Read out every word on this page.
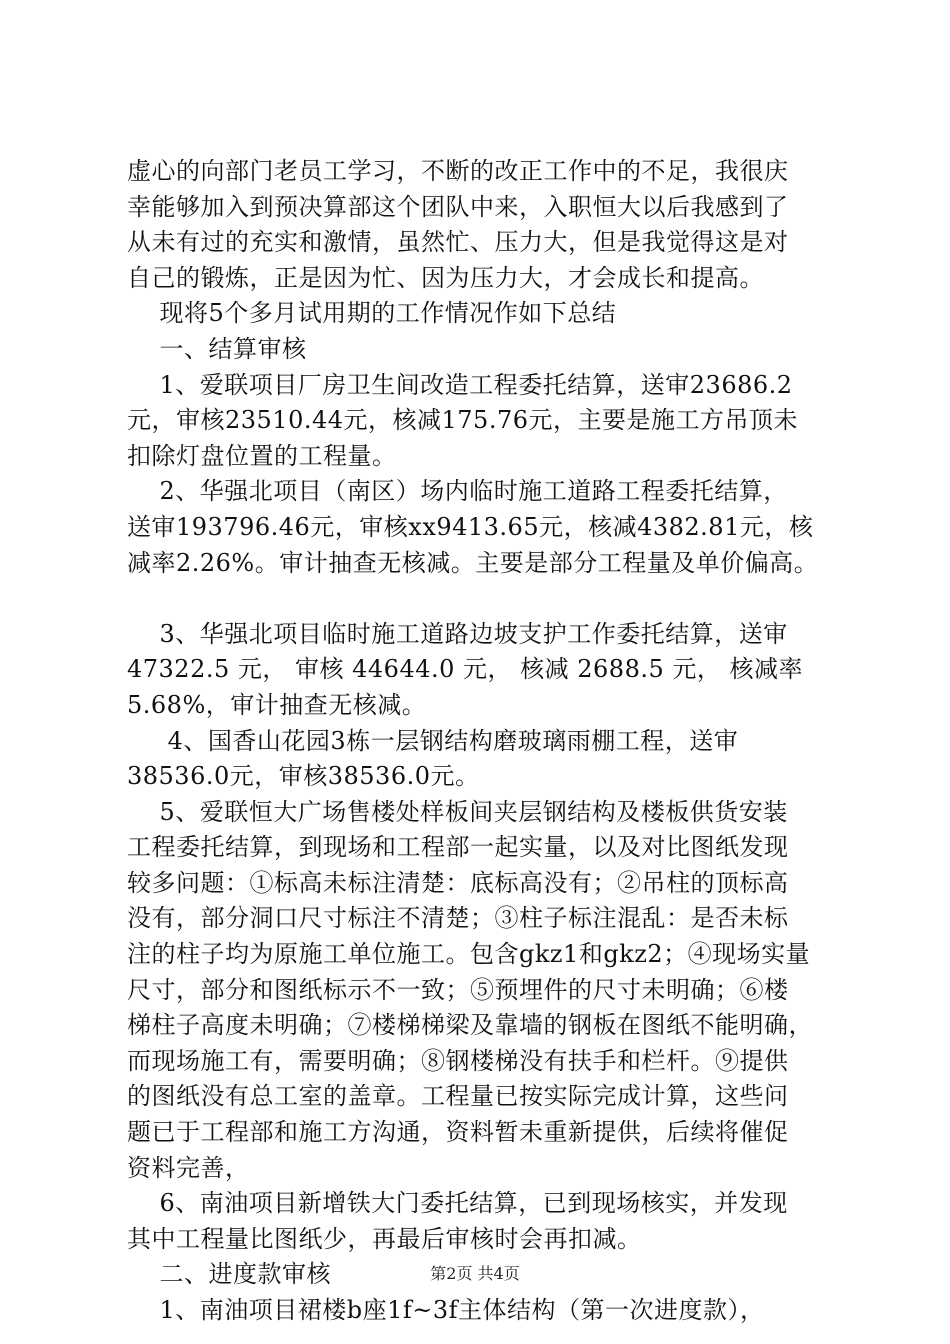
虚心的向部门老员工学习，不断的改正工作中的不足，我很庆

幸能够加入到预决算部这个团队中来，入职恒大以后我感到了

从未有过的充实和激情，虽然忙、压力大，但是我觉得这是对

自己的锻炼，正是因为忙、因为压力大，才会成长和提高。

现将5个多月试用期的工作情况作如下总结

一、结算审核

1、爱联项目厂房卫生间改造工程委托结算，送审23686.2

元，审核23510.44元，核减175.76元，主要是施工方吊顶未

扣除灯盘位置的工程量。

2、华强北项目（南区）场内临时施工道路工程委托结算，

送审193796.46元，审核xx9413.65元，核减4382.81元，核

减率2.26%。审计抽查无核减。主要是部分工程量及单价偏高。

3、华强北项目临时施工道路边坡支护工作委托结算，送审

47322.5 元， 审核 44644.0 元， 核减 2688.5 元， 核减率

5.68%，审计抽查无核减。

4、国香山花园3栋一层钢结构磨玻璃雨棚工程，送审

38536.0元，审核38536.0元。

5、爱联恒大广场售楼处样板间夹层钢结构及楼板供货安装

工程委托结算，到现场和工程部一起实量，以及对比图纸发现

较多问题：①标高未标注清楚：底标高没有；②吊柱的顶标高

没有，部分洞口尺寸标注不清楚；③柱子标注混乱：是否未标

注的柱子均为原施工单位施工。包含gkz1和gkz2；④现场实量

尺寸，部分和图纸标示不一致；⑤预埋件的尺寸未明确；⑥楼

梯柱子高度未明确；⑦楼梯梯梁及靠墙的钢板在图纸不能明确，

而现场施工有，需要明确；⑧钢楼梯没有扶手和栏杆。⑨提供

的图纸没有总工室的盖章。工程量已按实际完成计算，这些问

题已于工程部和施工方沟通，资料暂未重新提供，后续将催促

资料完善，

6、南油项目新增铁大门委托结算，已到现场核实，并发现

其中工程量比图纸少，再最后审核时会再扣减。

二、进度款审核

1、南油项目裙楼b座1f~3f主体结构（第一次进度款），

第2页 共4页
